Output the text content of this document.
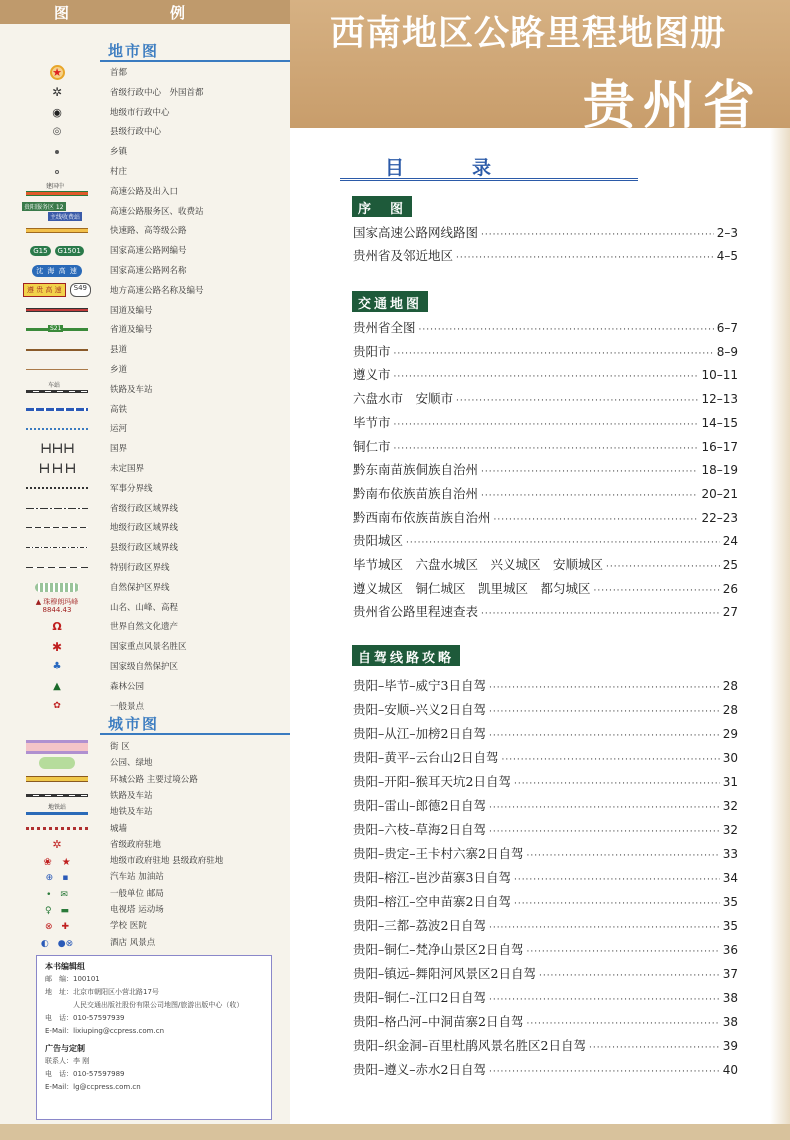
图	例
地市图
★	首都
✲	省级行政中心　外国首都
◉	地级市行政中心
◎	县级行政中心
乡镇
村庄
建国中	高速公路及出入口
贵阳服务区 12
主线收费站
高速公路服务区、收费站
快速路、高等级公路
G15	G1501	国家高速公路网编号
沈 海 高 速	国家高速公路网名称
遵 贵 高 速	S49	地方高速公路名称及编号
国道及编号
S21	省道及编号
县道
乡道
车站	铁路及车站
高铁
运河
┣━┫┣━┫┣━┫	国界
┣━┫ ┣━┫ ┣━┫	未定国界
军事分界线
省级行政区域界线
地级行政区域界线
县级行政区域界线
特别行政区界线
自然保护区界线
▲ 珠穆朗玛峰
8844.43	山名、山峰、高程
Ω	世界自然文化遗产
✱	国家重点风景名胜区
♣	国家级自然保护区
▲	森林公园
✿	一般景点
城市图
街 区
公园、绿地
环城公路 主要过境公路
铁路及车站
地铁站	地铁及车站
城墙
✲	省级政府驻地
❀　★	地级市政府驻地 县级政府驻地
⊕　▪	汽车站 加油站
•　✉	一般单位 邮局
♀　▬	电视塔 运动场
⊗　✚	学校 医院
◐　●⊗	酒店 风景点
本书编辑组
邮　编：100101
地　址：北京市朝阳区小营北路17号
人民交通出版社股份有限公司地图/旅游出版中心（收）
电　话：010-57597939
E-Mail：lixiuping@ccpress.com.cn
广告与定制
联系人：李 刚
电　话：010-57597989
E-Mail：lg@ccpress.com.cn
西南地区公路里程地图册
贵州省
目录
序　图
国家高速公路网线路图 ·····	2–3
贵州省及邻近地区 ·····	4–5
交通地图
贵州省全图 ·····	6–7
贵阳市 ·····	8–9
遵义市 ·····	10–11
六盘水市　安顺市 ·····	12–13
毕节市 ·····	14–15
铜仁市 ·····	16–17
黔东南苗族侗族自治州 ·····	18–19
黔南布依族苗族自治州 ·····	20–21
黔西南布依族苗族自治州 ·····	22–23
贵阳城区 ·····	24
毕节城区　六盘水城区　兴义城区　安顺城区 ·····	25
遵义城区　铜仁城区　凯里城区　都匀城区 ·····	26
贵州省公路里程速查表 ·····	27
自驾线路攻略
贵阳–毕节–威宁3日自驾 ·····	28
贵阳–安顺–兴义2日自驾 ·····	28
贵阳–从江–加榜2日自驾 ·····	29
贵阳–黄平–云台山2日自驾 ·····	30
贵阳–开阳–猴耳天坑2日自驾 ·····	31
贵阳–雷山–郎德2日自驾 ·····	32
贵阳–六枝–草海2日自驾 ·····	32
贵阳–贵定–王卡村六寨2日自驾 ·····	33
贵阳–榕江–岜沙苗寨3日自驾 ·····	34
贵阳–榕江–空申苗寨2日自驾 ·····	35
贵阳–三都–荔波2日自驾 ·····	35
贵阳–铜仁–梵净山景区2日自驾 ·····	36
贵阳–镇远–舞阳河风景区2日自驾 ·····	37
贵阳–铜仁–江口2日自驾 ·····	38
贵阳–格凸河–中洞苗寨2日自驾 ·····	38
贵阳–织金洞–百里杜鹃风景名胜区2日自驾 ·····	39
贵阳–遵义–赤水2日自驾 ·····	40
